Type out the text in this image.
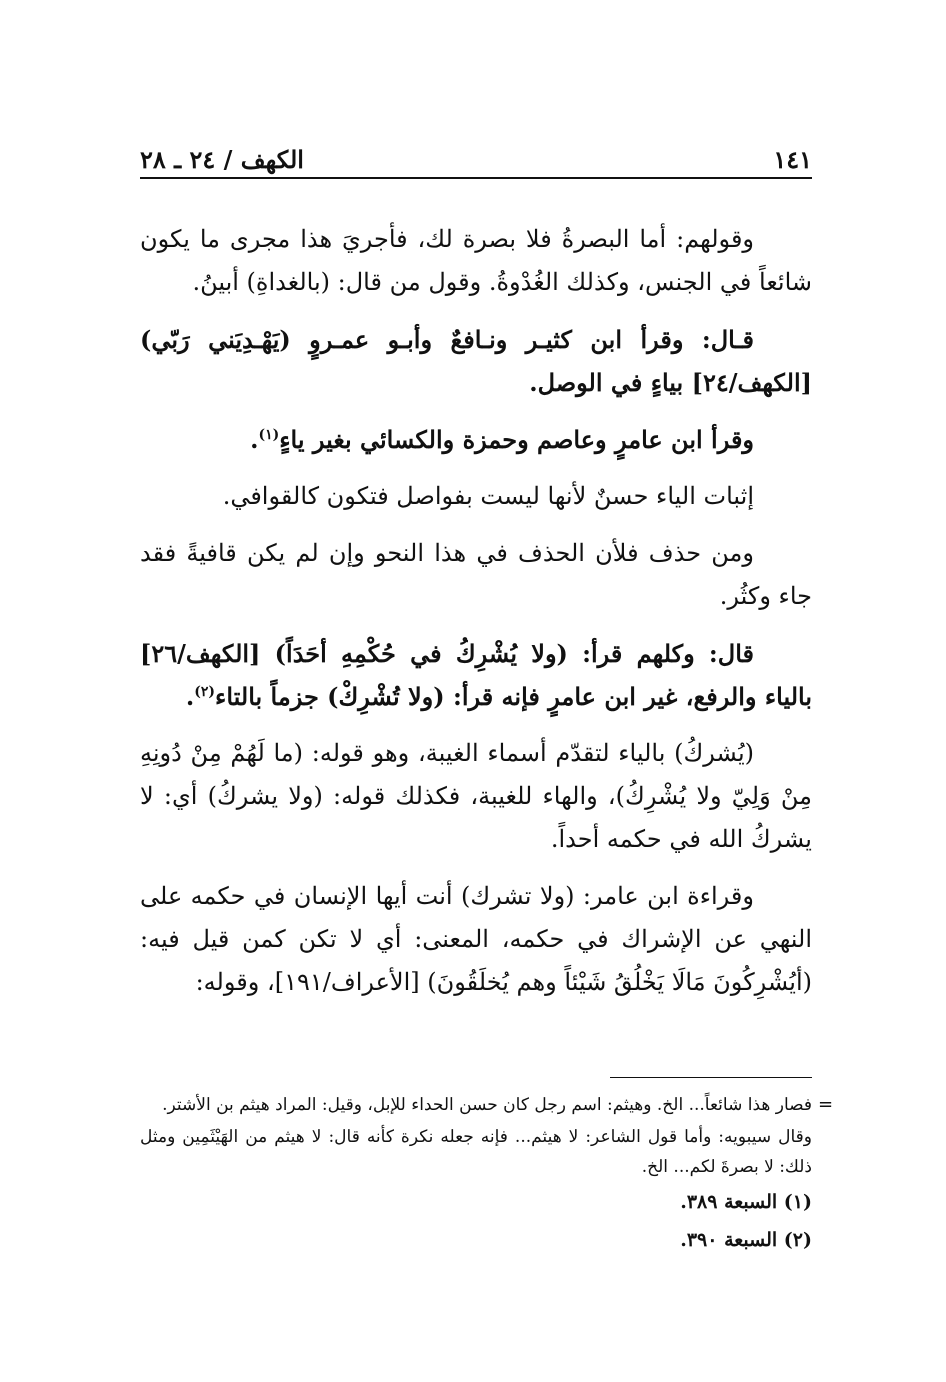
الكهف / ٢٤ ـ ٢٨	١٤١

وقولهم: أما البصرةُ فلا بصرة لك، فأجريَ هذا مجرى ما يكون شائعاً في الجنس، وكذلك الغُدْوةُ. وقول من قال: (بالغداةِ) أبينُ.

قـال: وقرأ ابن كثيـر ونـافعٌ وأبـو عمـروٍ (يَهْـدِيَني رَبّي) [الكهف/٢٤] بياءٍ في الوصل.

وقرأ ابن عامرٍ وعاصم وحمزة والكسائي بغير ياءٍ$^{(١)}$.

إثبات الياء حسنٌ لأنها ليست بفواصل فتكون كالقوافي.

ومن حذف فلأن الحذف في هذا النحو وإن لم يكن قافيةً فقد جاء وكثُر.

قال: وكلهم قرأ: (ولا يُشْرِكُ في حُكْمِهِ أحَدَاً) [الكهف/٢٦] بالياء والرفع، غير ابن عامرٍ فإنه قرأ: (ولا تُشْرِكْ) جزماً بالتاء$^{(٢)}$.

(يُشركُ) بالياء لتقدّم أسماء الغيبة، وهو قوله: (ما لَهُمْ مِنْ دُونِهِ مِنْ وَلِيّ ولا يُشْرِكُ)، والهاء للغيبة، فكذلك قوله: (ولا يشركُ) أي: لا يشركُ الله في حكمه أحداً.

وقراءة ابن عامر: (ولا تشرك) أنت أيها الإنسان في حكمه على النهي عن الإشراك في حكمه، المعنى: أي لا تكن كمن قيل فيه: (أيُشْرِكُونَ مَالَا يَخْلُقُ شَيْئاً وهم يُخلَقُونَ) [الأعراف/١٩١]، وقوله:

=

فصار هذا شائعاً... الخ. وهيثم: اسم رجل كان حسن الحداء للإبل، وقيل: المراد هيثم بن الأشتر.

وقال سيبويه: وأما قول الشاعر: لا هيثم... فإنه جعله نكرة كأنه قال: لا هيثم من الهَيْثَمِين ومثل ذلك: لا بصرةَ لكم... الخ.

(١) السبعة ٣٨٩.

(٢) السبعة ٣٩٠.
